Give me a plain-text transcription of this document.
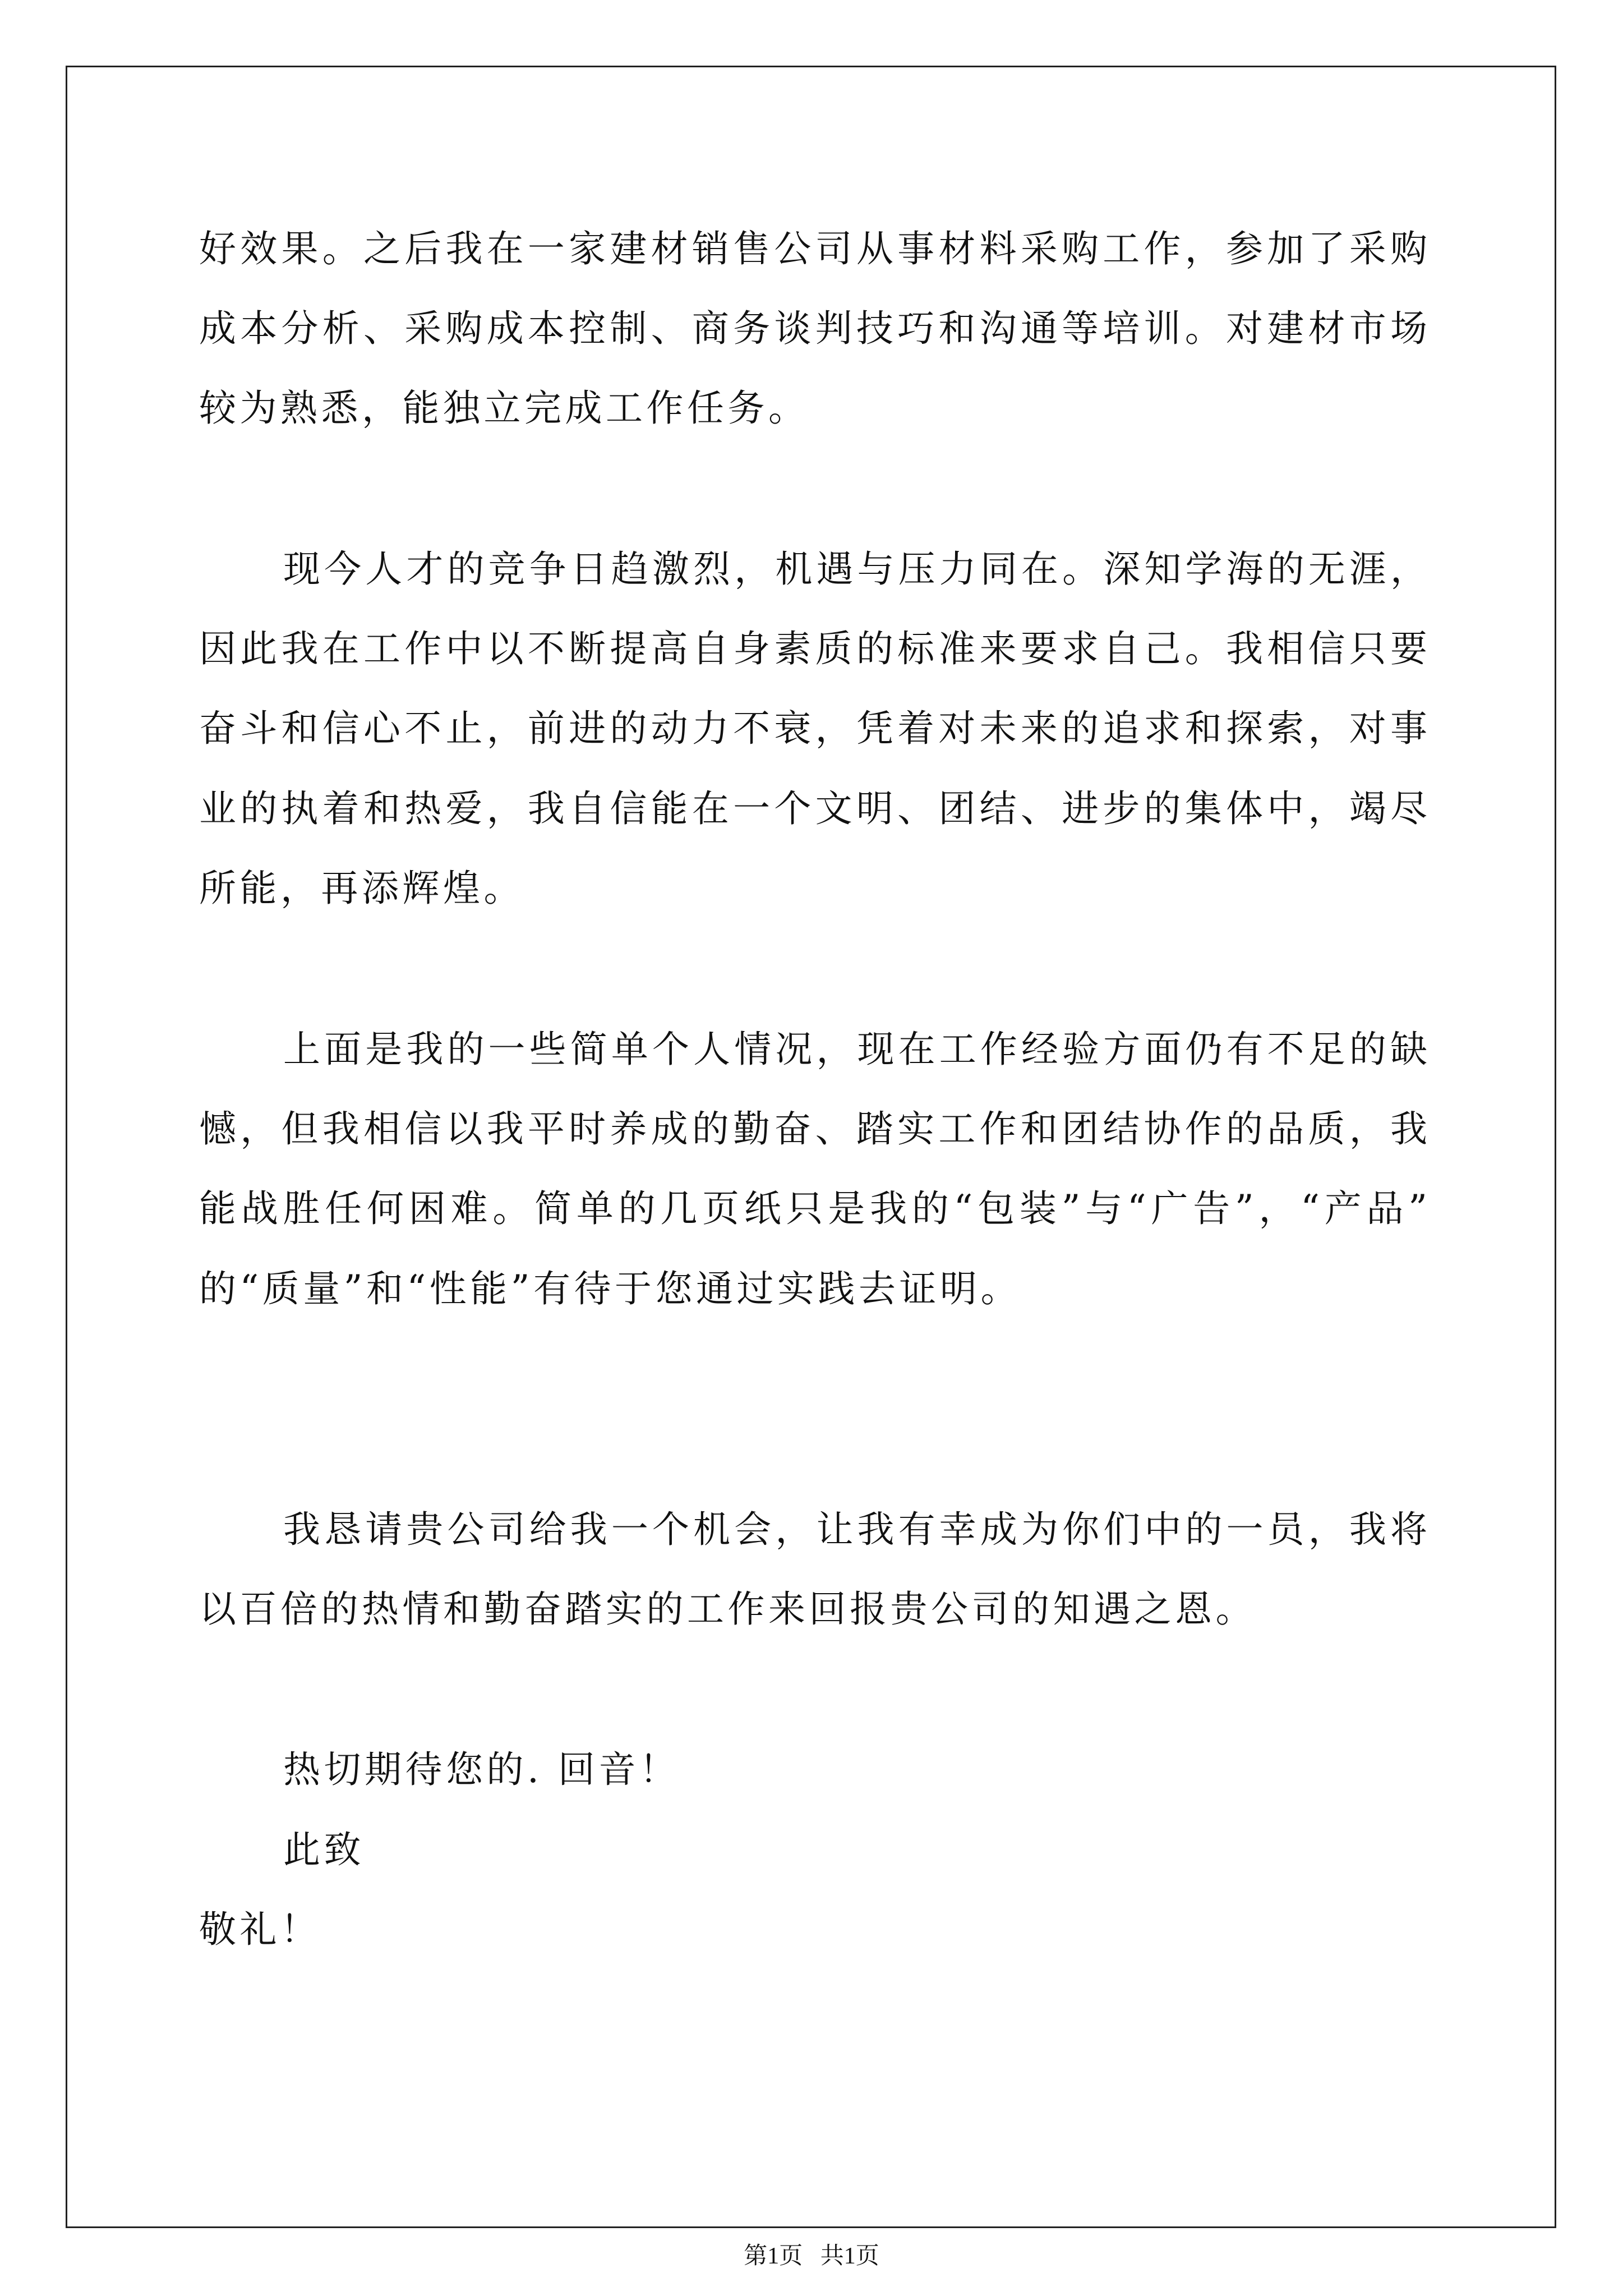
好效果。之后我在一家建材销售公司从事材料采购工作，参加了采购
成本分析、采购成本控制、商务谈判技巧和沟通等培训。对建材市场
较为熟悉，能独立完成工作任务。
现今人才的竞争日趋激烈，机遇与压力同在。深知学海的无涯，
因此我在工作中以不断提高自身素质的标准来要求自己。我相信只要
奋斗和信心不止，前进的动力不衰，凭着对未来的追求和探索，对事
业的执着和热爱，我自信能在一个文明、团结、进步的集体中，竭尽
所能，再添辉煌。
上面是我的一些简单个人情况，现在工作经验方面仍有不足的缺
憾，但我相信以我平时养成的勤奋、踏实工作和团结协作的品质，我
能战胜任何困难。简单的几页纸只是我的“包装”与“广告”，“产品”
的“质量”和“性能”有待于您通过实践去证明。
我恳请贵公司给我一个机会，让我有幸成为你们中的一员，我将
以百倍的热情和勤奋踏实的工作来回报贵公司的知遇之恩。
热切期待您的. 回音！
此致
敬礼！
第1页   共1页
